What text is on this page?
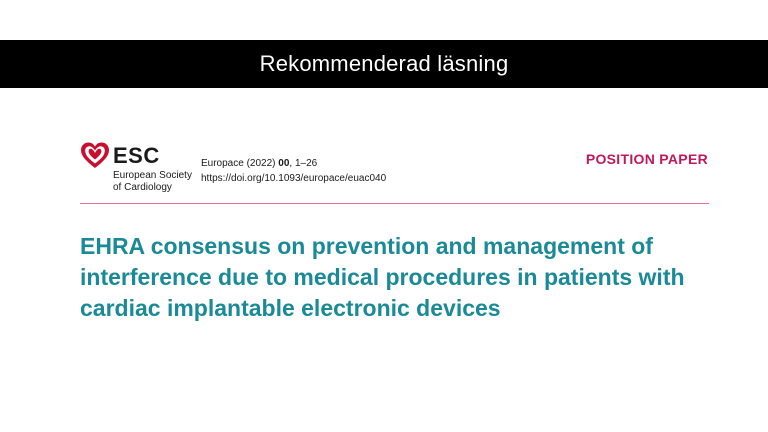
Rekommenderad läsning
ESC
European Society
of Cardiology
Europace (2022) 00, 1–26
https://doi.org/10.1093/europace/euac040
POSITION PAPER
EHRA consensus on prevention and management of interference due to medical procedures in patients with cardiac implantable electronic devices
